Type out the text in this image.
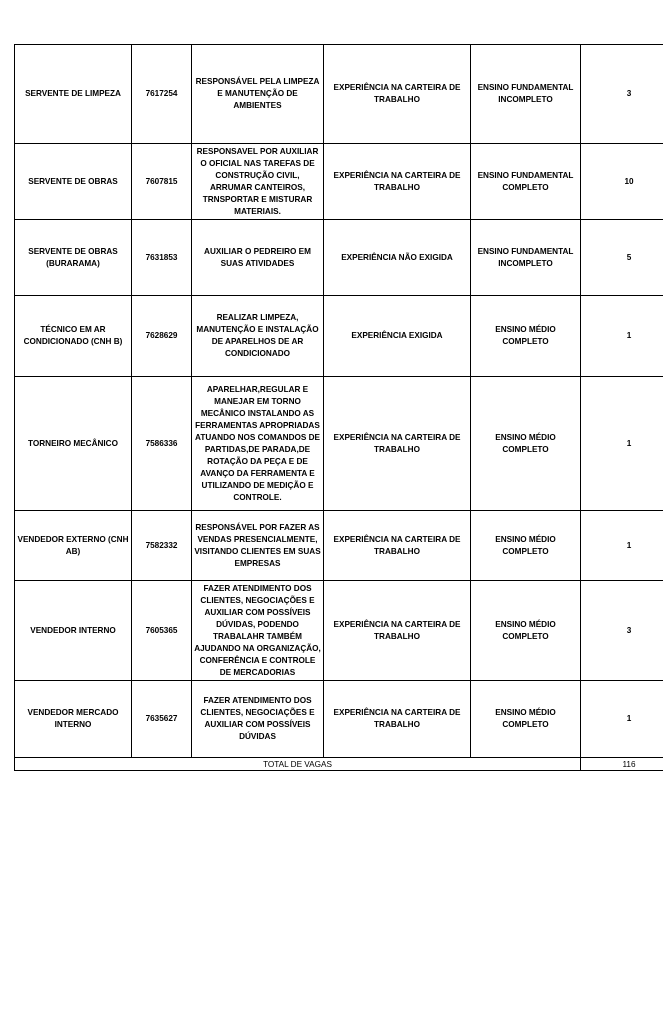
SERVENTE DE LIMPEZA	7617254	RESPONSÁVEL PELA LIMPEZA E MANUTENÇÃO DE AMBIENTES	EXPERIÊNCIA NA CARTEIRA DE TRABALHO	ENSINO FUNDAMENTAL INCOMPLETO	3
SERVENTE DE OBRAS	7607815	RESPONSAVEL POR AUXILIAR O OFICIAL NAS TAREFAS DE CONSTRUÇÃO CIVIL, ARRUMAR CANTEIROS, TRNSPORTAR E MISTURAR MATERIAIS.	EXPERIÊNCIA NA CARTEIRA DE TRABALHO	ENSINO FUNDAMENTAL COMPLETO	10
SERVENTE DE OBRAS (BURARAMA)	7631853	AUXILIAR O PEDREIRO EM SUAS ATIVIDADES	EXPERIÊNCIA NÃO EXIGIDA	ENSINO FUNDAMENTAL INCOMPLETO	5
TÉCNICO EM AR CONDICIONADO (CNH B)	7628629	REALIZAR LIMPEZA, MANUTENÇÃO E INSTALAÇÃO DE APARELHOS DE AR CONDICIONADO	EXPERIÊNCIA EXIGIDA	ENSINO MÉDIO COMPLETO	1
TORNEIRO MECÂNICO	7586336	APARELHAR,REGULAR E MANEJAR EM TORNO MECÂNICO INSTALANDO AS FERRAMENTAS APROPRIADAS ATUANDO NOS COMANDOS DE PARTIDAS,DE PARADA,DE ROTAÇÃO DA PEÇA E DE AVANÇO DA FERRAMENTA E UTILIZANDO DE MEDIÇÃO E CONTROLE.	EXPERIÊNCIA NA CARTEIRA DE TRABALHO	ENSINO MÉDIO COMPLETO	1
VENDEDOR EXTERNO (CNH AB)	7582332	RESPONSÁVEL POR FAZER AS VENDAS PRESENCIALMENTE, VISITANDO CLIENTES EM SUAS EMPRESAS	EXPERIÊNCIA NA CARTEIRA DE TRABALHO	ENSINO MÉDIO COMPLETO	1
VENDEDOR INTERNO	7605365	FAZER ATENDIMENTO DOS CLIENTES, NEGOCIAÇÕES E AUXILIAR COM POSSÍVEIS DÚVIDAS, PODENDO TRABALAHR TAMBÉM AJUDANDO NA ORGANIZAÇÃO, CONFERÊNCIA E CONTROLE DE MERCADORIAS	EXPERIÊNCIA NA CARTEIRA DE TRABALHO	ENSINO MÉDIO COMPLETO	3
VENDEDOR MERCADO INTERNO	7635627	FAZER ATENDIMENTO DOS CLIENTES, NEGOCIAÇÕES E AUXILIAR COM POSSÍVEIS DÚVIDAS	EXPERIÊNCIA NA CARTEIRA DE TRABALHO	ENSINO MÉDIO COMPLETO	1
TOTAL DE VAGAS					116
